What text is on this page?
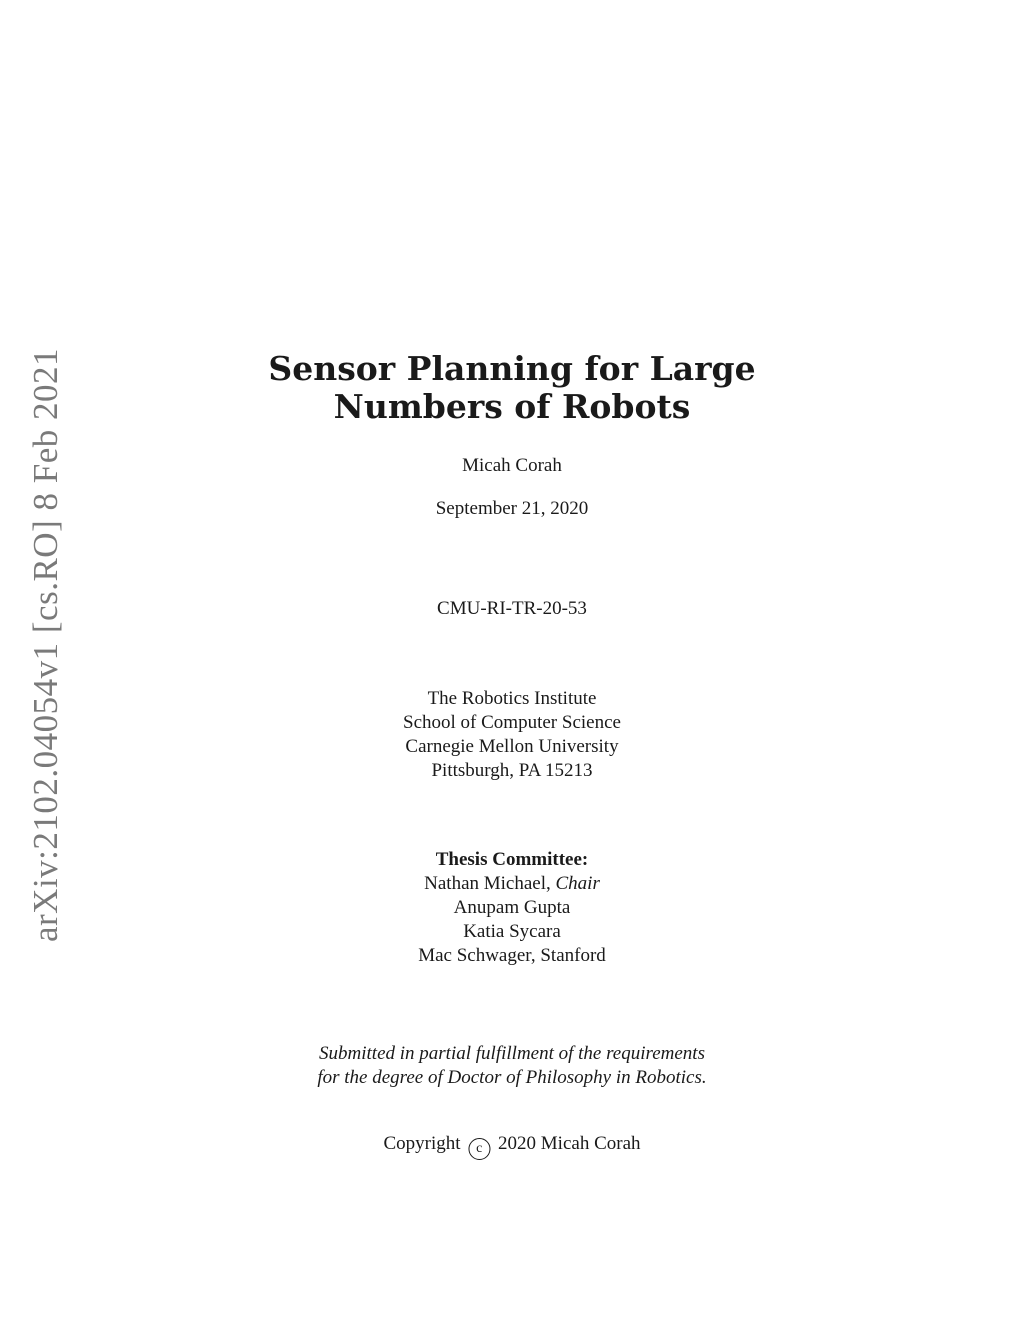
arXiv:2102.04054v1 [cs.RO] 8 Feb 2021	Sensor Planning for Large
Numbers of Robots
Micah Corah
September 21, 2020
CMU-RI-TR-20-53
The Robotics Institute
School of Computer Science
Carnegie Mellon University
Pittsburgh, PA 15213
Thesis Committee:
Nathan Michael, Chair
Anupam Gupta
Katia Sycara
Mac Schwager, Stanford
Submitted in partial fulfillment of the requirements
for the degree of Doctor of Philosophy in Robotics.
Copyright c 2020 Micah Corah
